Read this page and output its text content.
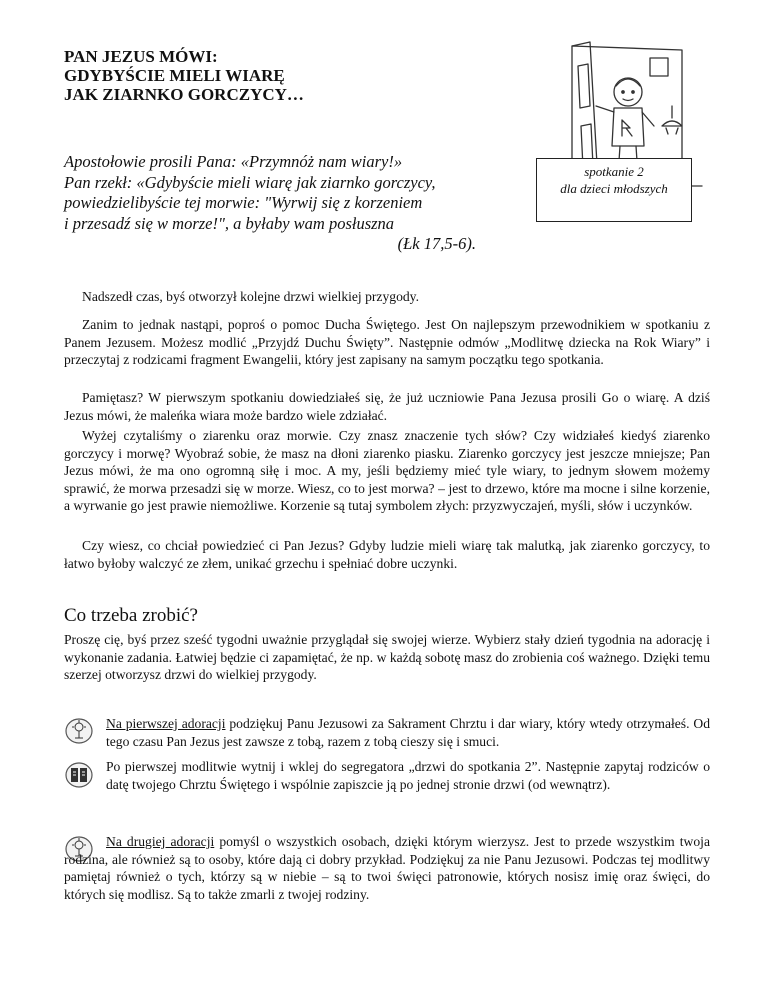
PAN JEZUS MÓWI:
GDYBYŚCIE MIELI WIARĘ
JAK ZIARNKO GORCZYCY…
Apostołowie prosili Pana: «Przymnóż nam wiary!»
Pan rzekł: «Gdybyście mieli wiarę jak ziarnko gorczycy,
powiedzielibyście tej morwie: "Wyrwij się z korzeniem
i przesadź się w morze!", a byłaby wam posłuszna
(Łk 17,5-6).
spotkanie 2
dla dzieci młodszych
Nadszedł czas, byś otworzył kolejne drzwi wielkiej przygody.
Zanim to jednak nastąpi, poproś o pomoc Ducha Świętego. Jest On najlepszym przewodnikiem w spotkaniu z Panem Jezusem. Możesz modlić „Przyjdź Duchu Święty”. Następnie odmów „Modlitwę dziecka na Rok Wiary” i przeczytaj z rodzicami fragment Ewangelii, który jest zapisany na samym początku tego spotkania.
Pamiętasz? W pierwszym spotkaniu dowiedziałeś się, że już uczniowie Pana Jezusa prosili Go o wiarę. A dziś Jezus mówi, że maleńka wiara może bardzo wiele zdziałać.
Wyżej czytaliśmy o ziarenku oraz morwie. Czy znasz znaczenie tych słów? Czy widziałeś kiedyś ziarenko gorczycy i morwę? Wyobraź sobie, że masz na dłoni ziarenko piasku. Ziarenko gorczycy jest jeszcze mniejsze; Pan Jezus mówi, że ma ono ogromną siłę i moc. A my, jeśli będziemy mieć tyle wiary, to jednym słowem możemy sprawić, że morwa przesadzi się w morze. Wiesz, co to jest morwa? – jest to drzewo, które ma mocne i silne korzenie, a wyrwanie go jest prawie niemożliwe. Korzenie są tutaj symbolem złych: przyzwyczajeń, myśli, słów i uczynków.
Czy wiesz, co chciał powiedzieć ci Pan Jezus? Gdyby ludzie mieli wiarę tak malutką, jak ziarenko gorczycy, to łatwo byłoby walczyć ze złem, unikać grzechu i spełniać dobre uczynki.
Co trzeba zrobić?
Proszę cię, byś przez sześć tygodni uważnie przyglądał się swojej wierze. Wybierz stały dzień tygodnia na adorację i wykonanie zadania. Łatwiej będzie ci zapamiętać, że np. w każdą sobotę masz do zrobienia coś ważnego. Dzięki temu szerzej otworzysz drzwi do wielkiej przygody.
Na pierwszej adoracji podziękuj Panu Jezusowi za Sakrament Chrztu i dar wiary, który wtedy otrzymałeś. Od tego czasu Pan Jezus jest zawsze z tobą, razem z tobą cieszy się i smuci.
Po pierwszej modlitwie wytnij i wklej do segregatora „drzwi do spotkania 2”. Następnie zapytaj rodziców o datę twojego Chrztu Świętego i wspólnie zapiszcie ją po jednej stronie drzwi (od wewnątrz).
Na drugiej adoracji pomyśl o wszystkich osobach, dzięki którym wierzysz. Jest to przede wszystkim twoja rodzina, ale również są to osoby, które dają ci dobry przykład. Podziękuj za nie Panu Jezusowi. Podczas tej modlitwy pamiętaj również o tych, którzy są w niebie – są to twoi święci patronowie, których nosisz imię oraz święci, do których się modlisz. Są to także zmarli z twojej rodziny.
